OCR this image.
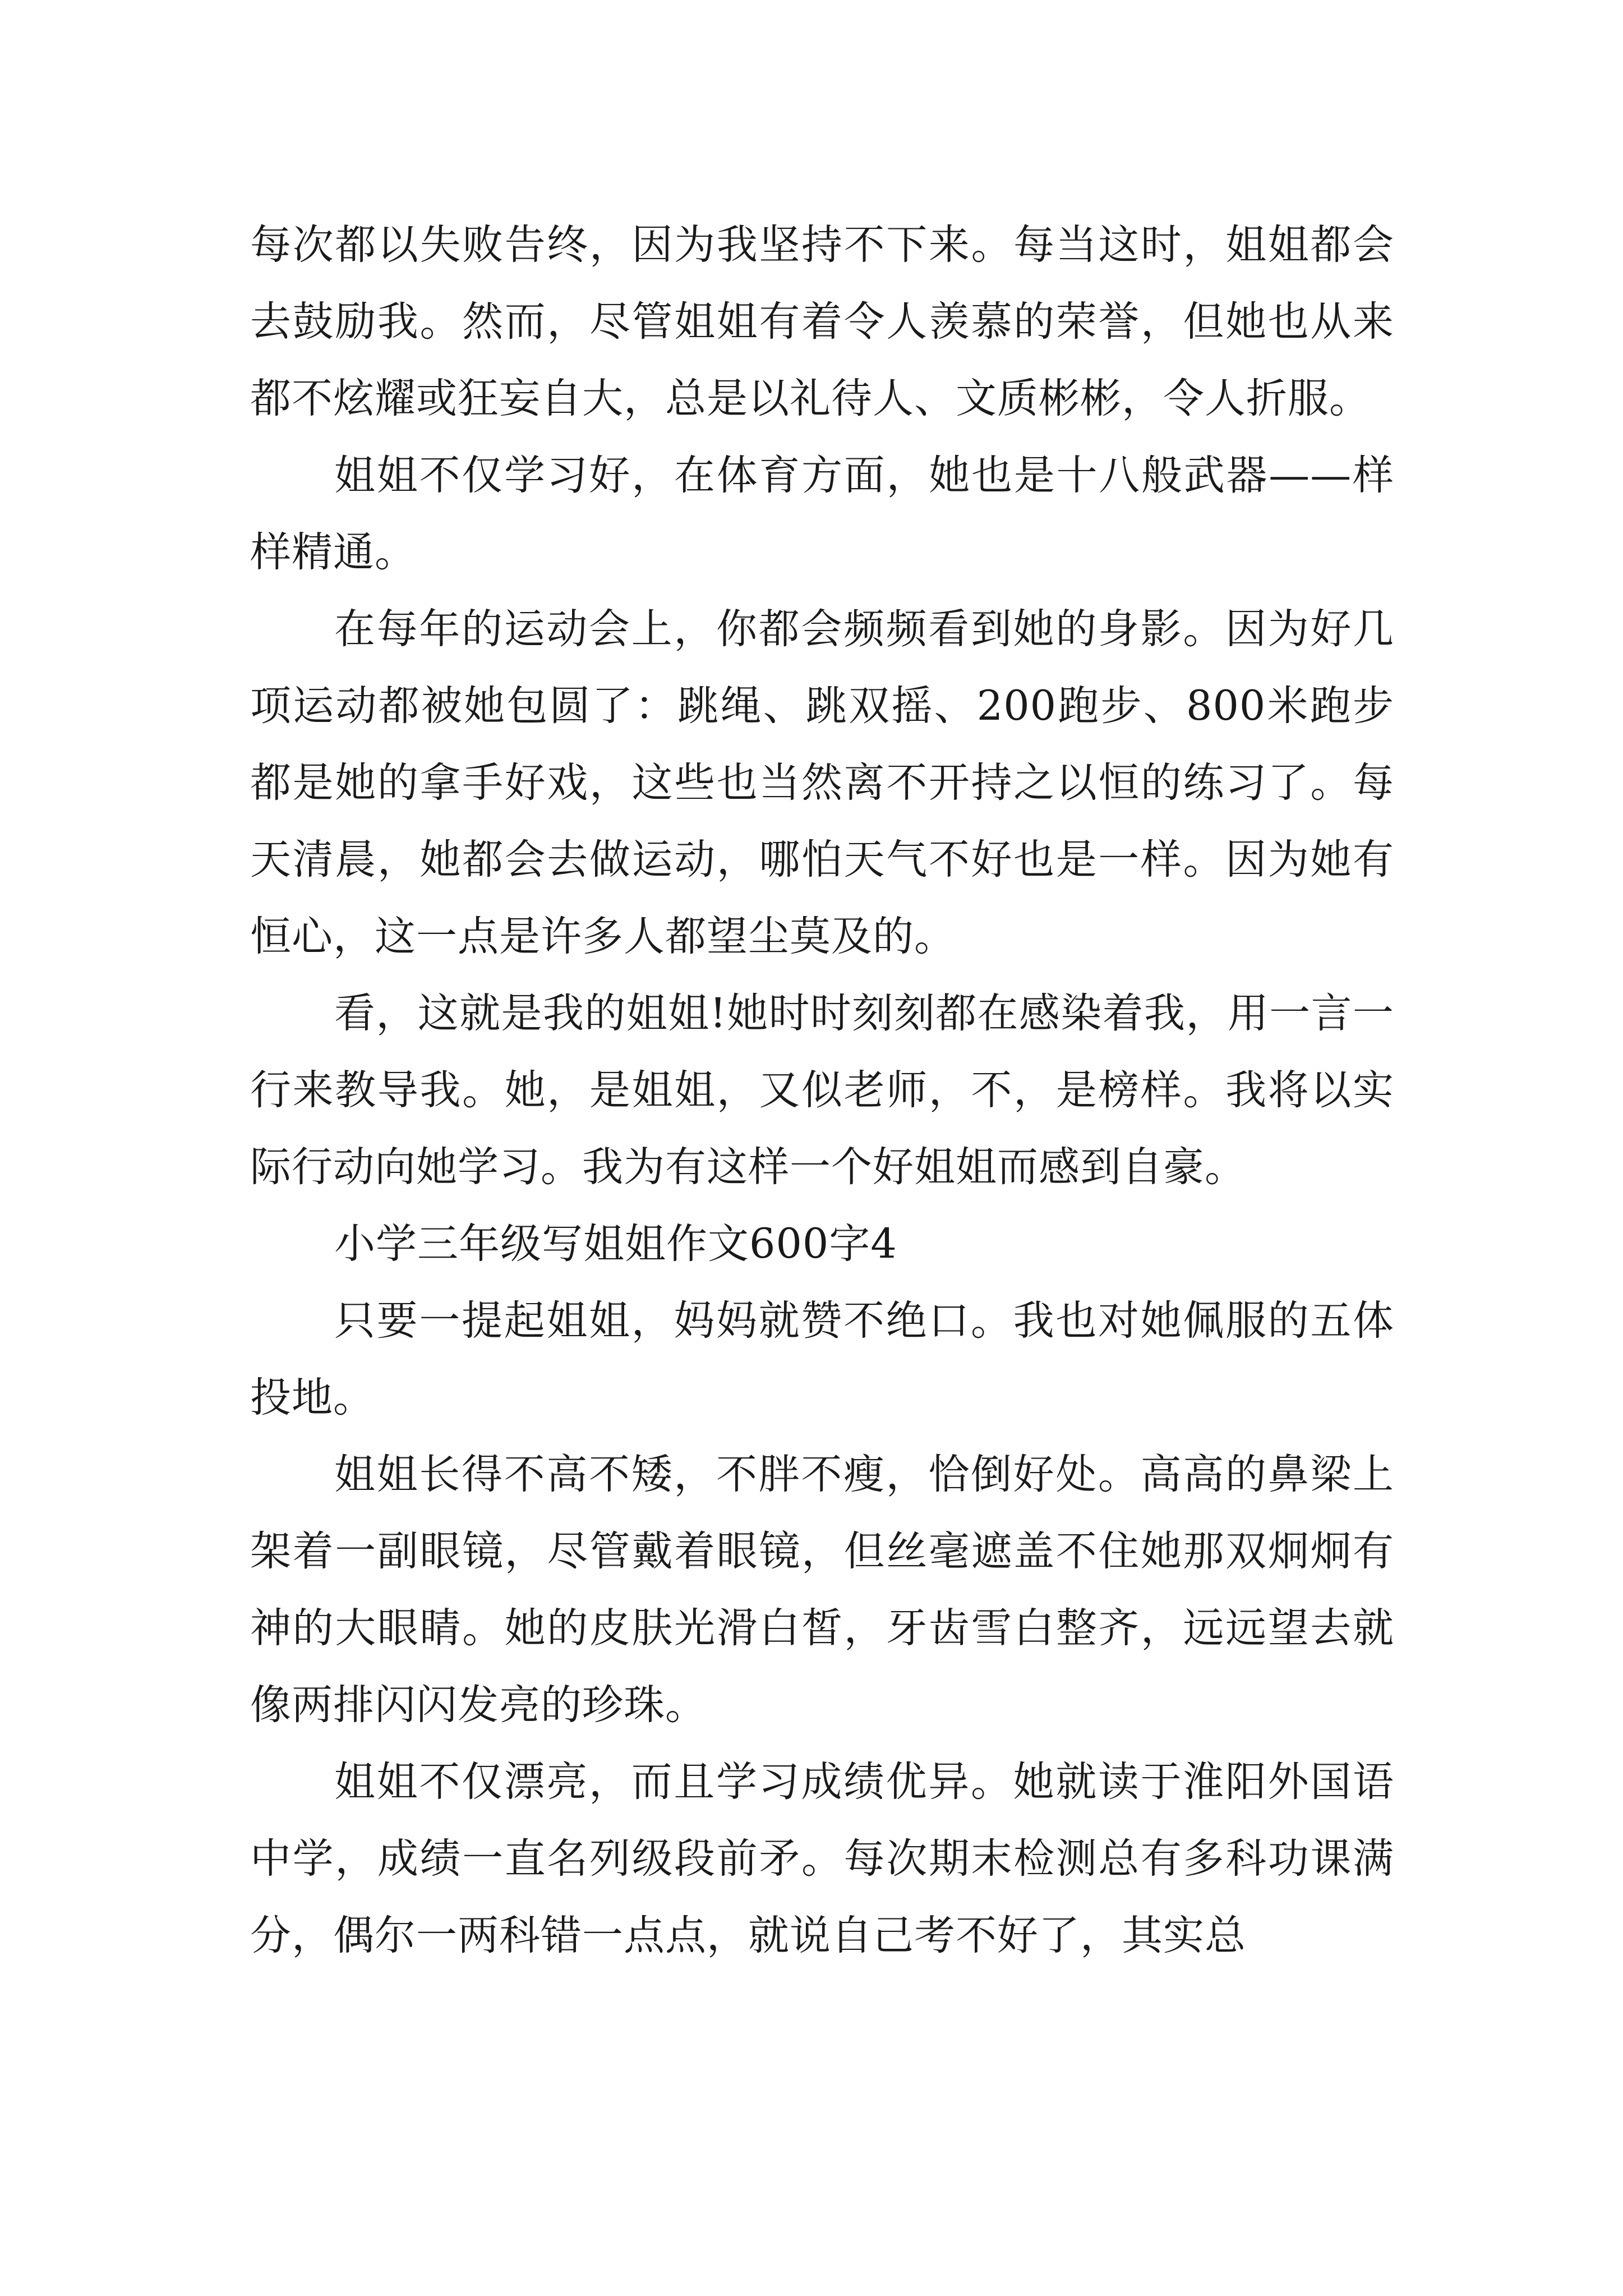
每次都以失败告终，因为我坚持不下来。每当这时，姐姐都会去鼓励我。然而，尽管姐姐有着令人羡慕的荣誉，但她也从来都不炫耀或狂妄自大，总是以礼待人、文质彬彬，令人折服。

姐姐不仅学习好，在体育方面，她也是十八般武器——样样精通。

在每年的运动会上，你都会频频看到她的身影。因为好几项运动都被她包圆了：跳绳、跳双摇、200跑步、800米跑步都是她的拿手好戏，这些也当然离不开持之以恒的练习了。每天清晨，她都会去做运动，哪怕天气不好也是一样。因为她有恒心，这一点是许多人都望尘莫及的。

看，这就是我的姐姐!她时时刻刻都在感染着我，用一言一行来教导我。她，是姐姐，又似老师，不，是榜样。我将以实际行动向她学习。我为有这样一个好姐姐而感到自豪。

小学三年级写姐姐作文600字4

只要一提起姐姐，妈妈就赞不绝口。我也对她佩服的五体投地。

姐姐长得不高不矮，不胖不瘦，恰倒好处。高高的鼻梁上架着一副眼镜，尽管戴着眼镜，但丝毫遮盖不住她那双炯炯有神的大眼睛。她的皮肤光滑白皙，牙齿雪白整齐，远远望去就像两排闪闪发亮的珍珠。

姐姐不仅漂亮，而且学习成绩优异。她就读于淮阳外国语中学，成绩一直名列级段前矛。每次期末检测总有多科功课满分，偶尔一两科错一点点，就说自己考不好了，其实总
